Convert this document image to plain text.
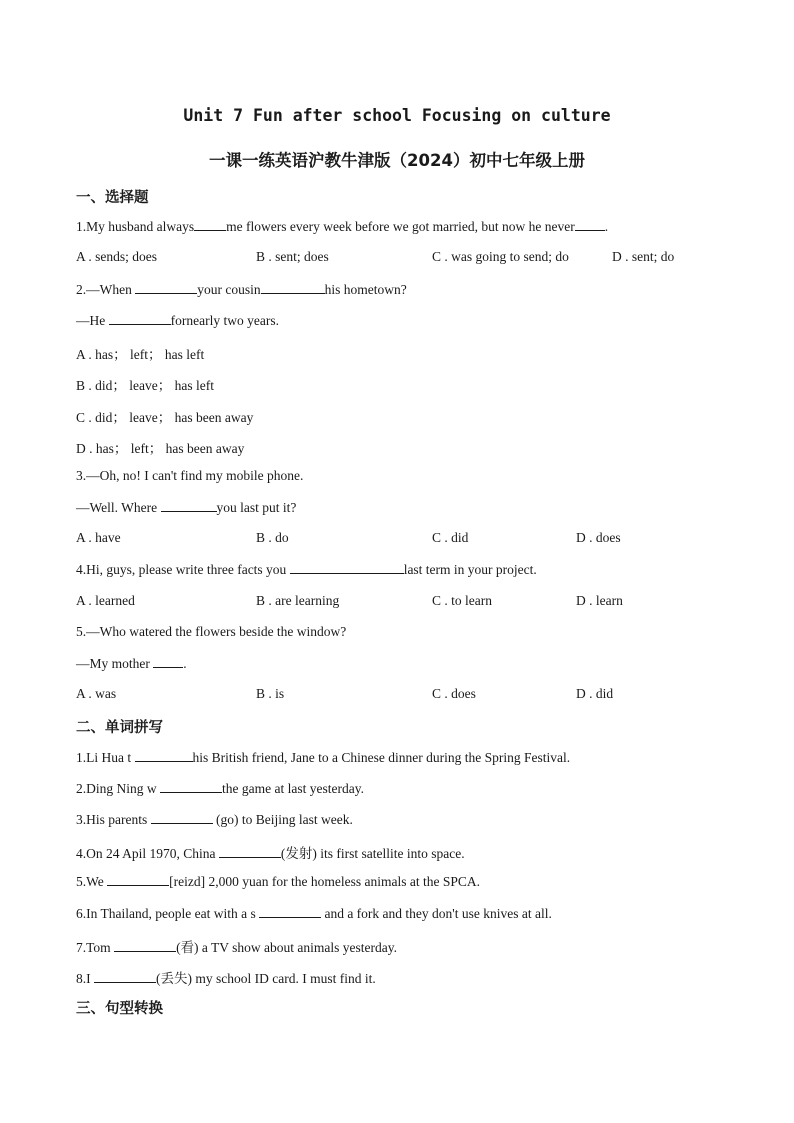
Unit 7 Fun after school Focusing on culture
一课一练英语沪教牛津版（2024）初中七年级上册
一、选择题
1.My husband always me flowers every week before we got married, but now he never .
A . sends; does	B . sent; does	C . was going to send; do	D . sent; do
2.—When	your cousin	his hometown?
—He	fornearly two years.
A . has； left； has left
B . did； leave； has left
C . did； leave； has been away
D . has； left； has been away
3.—Oh, no! I can't find my mobile phone.
—Well. Where	you last put it?
A . have	B . do	C . did	D . does
4.Hi, guys, please write three facts you	last term in your project.
A . learned	B . are learning	C . to learn	D . learn
5.—Who watered the flowers beside the window?
—My mother .
A . was	B . is	C . does	D . did
二、单词拼写
1.Li Hua t	his British friend, Jane to a Chinese dinner during the Spring Festival.
2.Ding Ning w	the game at last yesterday.
3.His parents	(go) to Beijing last week.
4.On 24 Apil 1970, China	(发射) its first satellite into space.
5.We	[reizd] 2,000 yuan for the homeless animals at the SPCA.
6.In Thailand, people eat with a s	and a fork and they don't use knives at all.
7.Tom	(看) a TV show about animals yesterday.
8.I	(丢失) my school ID card. I must find it.
三、句型转换
